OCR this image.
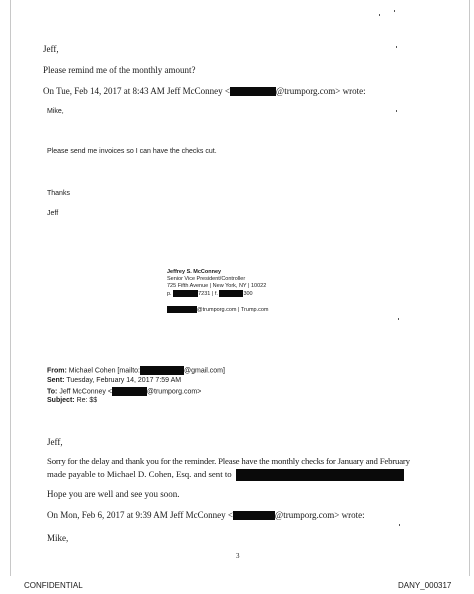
Jeff,
Please remind me of the monthly amount?
On Tue, Feb 14, 2017 at 8:43 AM Jeff McConney <	@trumporg.com> wrote:
Mike,
Please send me invoices so I can have the checks cut.
Thanks
Jeff
Jeffrey S. McConney
Senior Vice President/Controller
725 Fifth Avenue | New York, NY | 10022
p.	7231 | f.	300
@trumporg.com | Trump.com
From: Michael Cohen [mailto:	@gmail.com]
Sent: Tuesday, February 14, 2017 7:59 AM
To: Jeff McConney <	@trumporg.com>
Subject: Re: $$
Jeff,
Sorry for the delay and thank you for the reminder. Please have the monthly checks for January and February
made payable to Michael D. Cohen, Esq. and sent to
Hope you are well and see you soon.
On Mon, Feb 6, 2017 at 9:39 AM Jeff McConney <	@trumporg.com> wrote:
Mike,
3
CONFIDENTIAL	DANY_000317
